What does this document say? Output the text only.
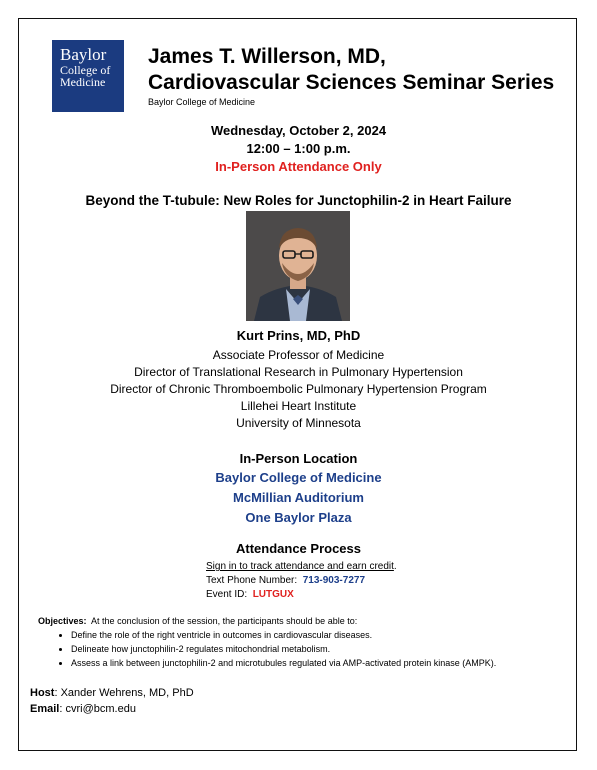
Baylor
College of
Medicine
James T. Willerson, MD,
Cardiovascular Sciences Seminar Series
Baylor College of Medicine
Wednesday, October 2, 2024
12:00 – 1:00 p.m.
In-Person Attendance Only
Beyond the T-tubule: New Roles for Junctophilin-2 in Heart Failure
Kurt Prins, MD, PhD
Associate Professor of Medicine
Director of Translational Research in Pulmonary Hypertension
Director of Chronic Thromboembolic Pulmonary Hypertension Program
Lillehei Heart Institute
University of Minnesota
In-Person Location
Baylor College of Medicine
McMillian Auditorium
One Baylor Plaza
Attendance Process
Sign in to track attendance and earn credit.
Text Phone Number: 713-903-7277
Event ID: LUTGUX
Objectives: At the conclusion of the session, the participants should be able to:
• Define the role of the right ventricle in outcomes in cardiovascular diseases.
• Delineate how junctophilin-2 regulates mitochondrial metabolism.
• Assess a link between junctophilin-2 and microtubules regulated via AMP-activated protein kinase (AMPK).
Host: Xander Wehrens, MD, PhD
Email: cvri@bcm.edu
